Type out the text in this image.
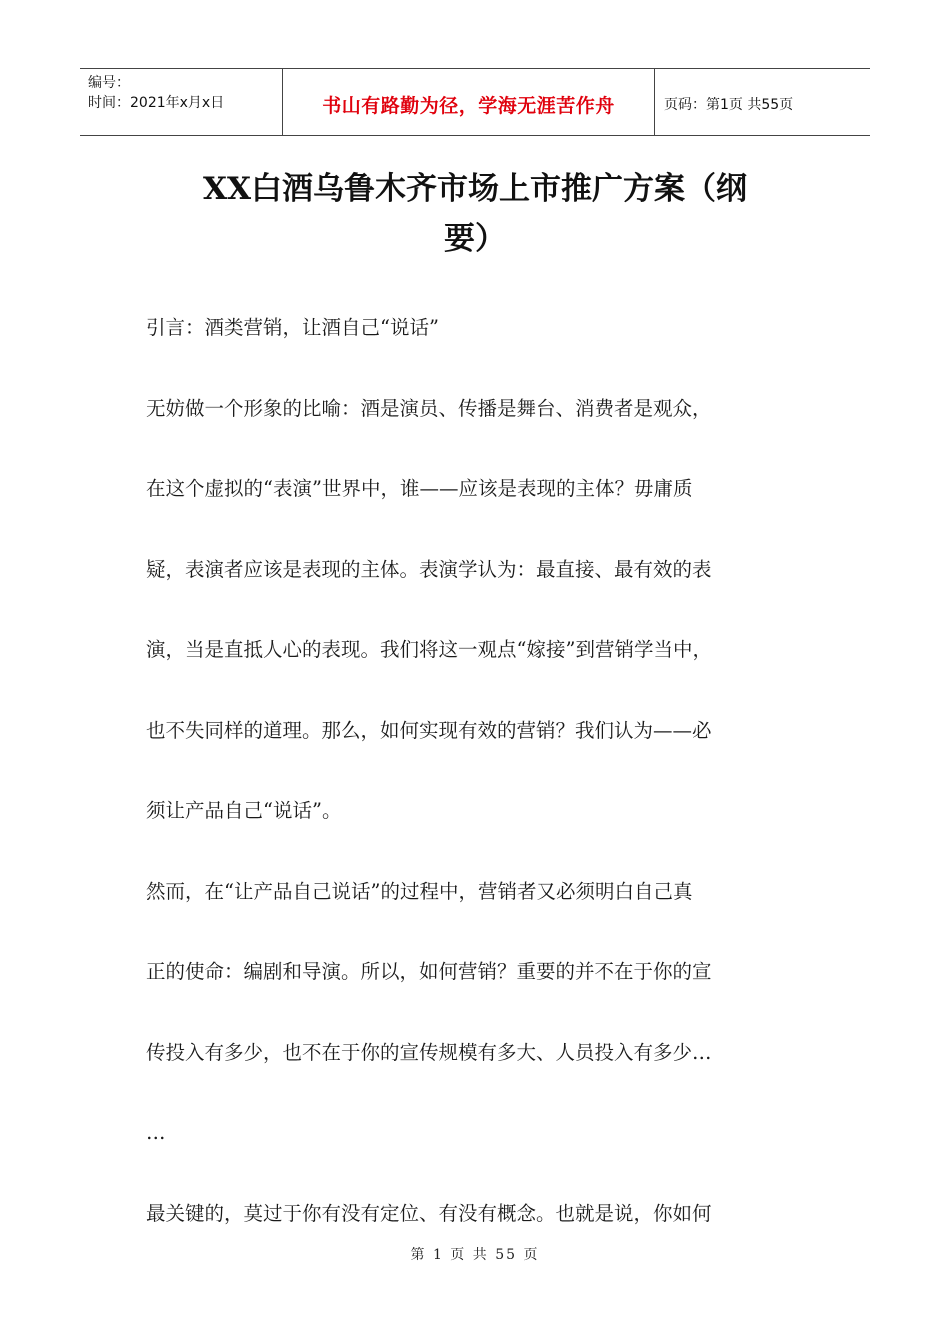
编号：
时间：2021年x月x日	书山有路勤为径，学海无涯苦作舟	页码：第1页 共55页
XX白酒乌鲁木齐市场上市推广方案（纲
要）

引言：酒类营销，让酒自己“说话”

无妨做一个形象的比喻：酒是演员、传播是舞台、消费者是观众，

在这个虚拟的“表演”世界中，谁——应该是表现的主体？毋庸质

疑，表演者应该是表现的主体。表演学认为：最直接、最有效的表

演，当是直抵人心的表现。我们将这一观点“嫁接”到营销学当中，

也不失同样的道理。那么，如何实现有效的营销？我们认为——必

须让产品自己“说话”。

然而，在“让产品自己说话”的过程中，营销者又必须明白自己真

正的使命：编剧和导演。所以，如何营销？重要的并不在于你的宣

传投入有多少，也不在于你的宣传规模有多大、人员投入有多少…

…

最关键的，莫过于你有没有定位、有没有概念。也就是说，你如何

第 1 页 共 55 页
